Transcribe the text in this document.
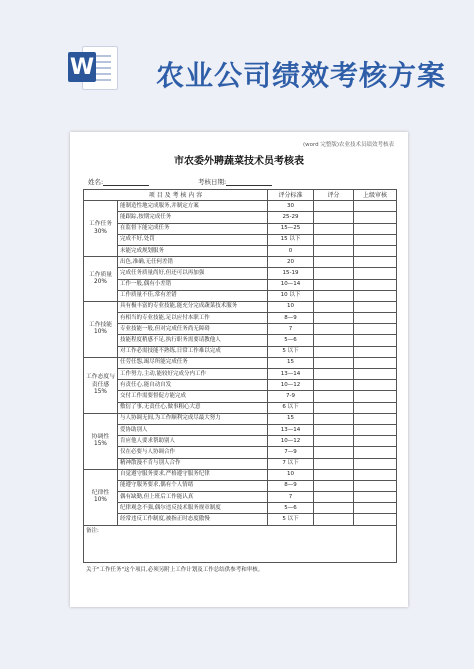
W 农业公司绩效考核方案
(word 完整版)农业技术员绩效考核表
市农委外聘蔬菜技术员考核表
姓名:	考核日期:
项 目 及 考 核 内 容		评分标准	评分	上级审核
工作任务 30%	能制造性地完成服务,并制定方案	30		
	能跟踪,按期完成任务	25-29		
	在监督下能完成任务	15—25		
	完成不好,处罚	15 以下		
	未能完成规划服务	0		
工作质量 20%	出色,准确,无任何差错	20		
	完成任务质量尚好,但还可以再加强	15-19		
	工作一般,偶有小差错	10—14		
	工作质量不佳,常有差错	10 以下		
工作技能 10%	具有极丰富的专业技能,能充分完成蔬菜技术服务	10		
	有相当的专业技能,足以应付本职工作	8—9		
	专业技能一般,但对完成任务尚无障碍	7		
	技能程度稍感不足,执行职务需要请教他人	5—6		
	对工作必需技能不熟练,日常工作难以完成	5 以下		
工作态度与责任感 15%	任劳任怨,竭尽所能完成任务	15		
	工作努力,主动,能较好完成分内工作	13—14		
	有责任心,能自动自发	10—12		
	交付工作需要督促方能完成	7-9		
	敷衍了事,无责任心,做事粗心大意	6 以下		
协调性 15%	与人协调无间,为工作顺利完成尽最大努力	15		
	爱协助别人	13—14		
	肯应他人要求帮助别人	10—12		
	仅在必要与人协调合作	7—9		
	精神散漫不肯与别人合作	7 以下		
纪律性 10%	自觉遵守服务要求,严格遵守服务纪律	10		
	能遵守服务要求,偶有个人情绪	8—9		
	偶有缺勤,但上班后工作能认真	7		
	纪律观念不强,偶尔违反技术服务规章制度	5—6		
	经常违反工作制度,被指正时态度傲慢	5 以下		
备注:				
关于"工作任务"这个项目,必须另附上工作计划及工作总结供参考和审核。
